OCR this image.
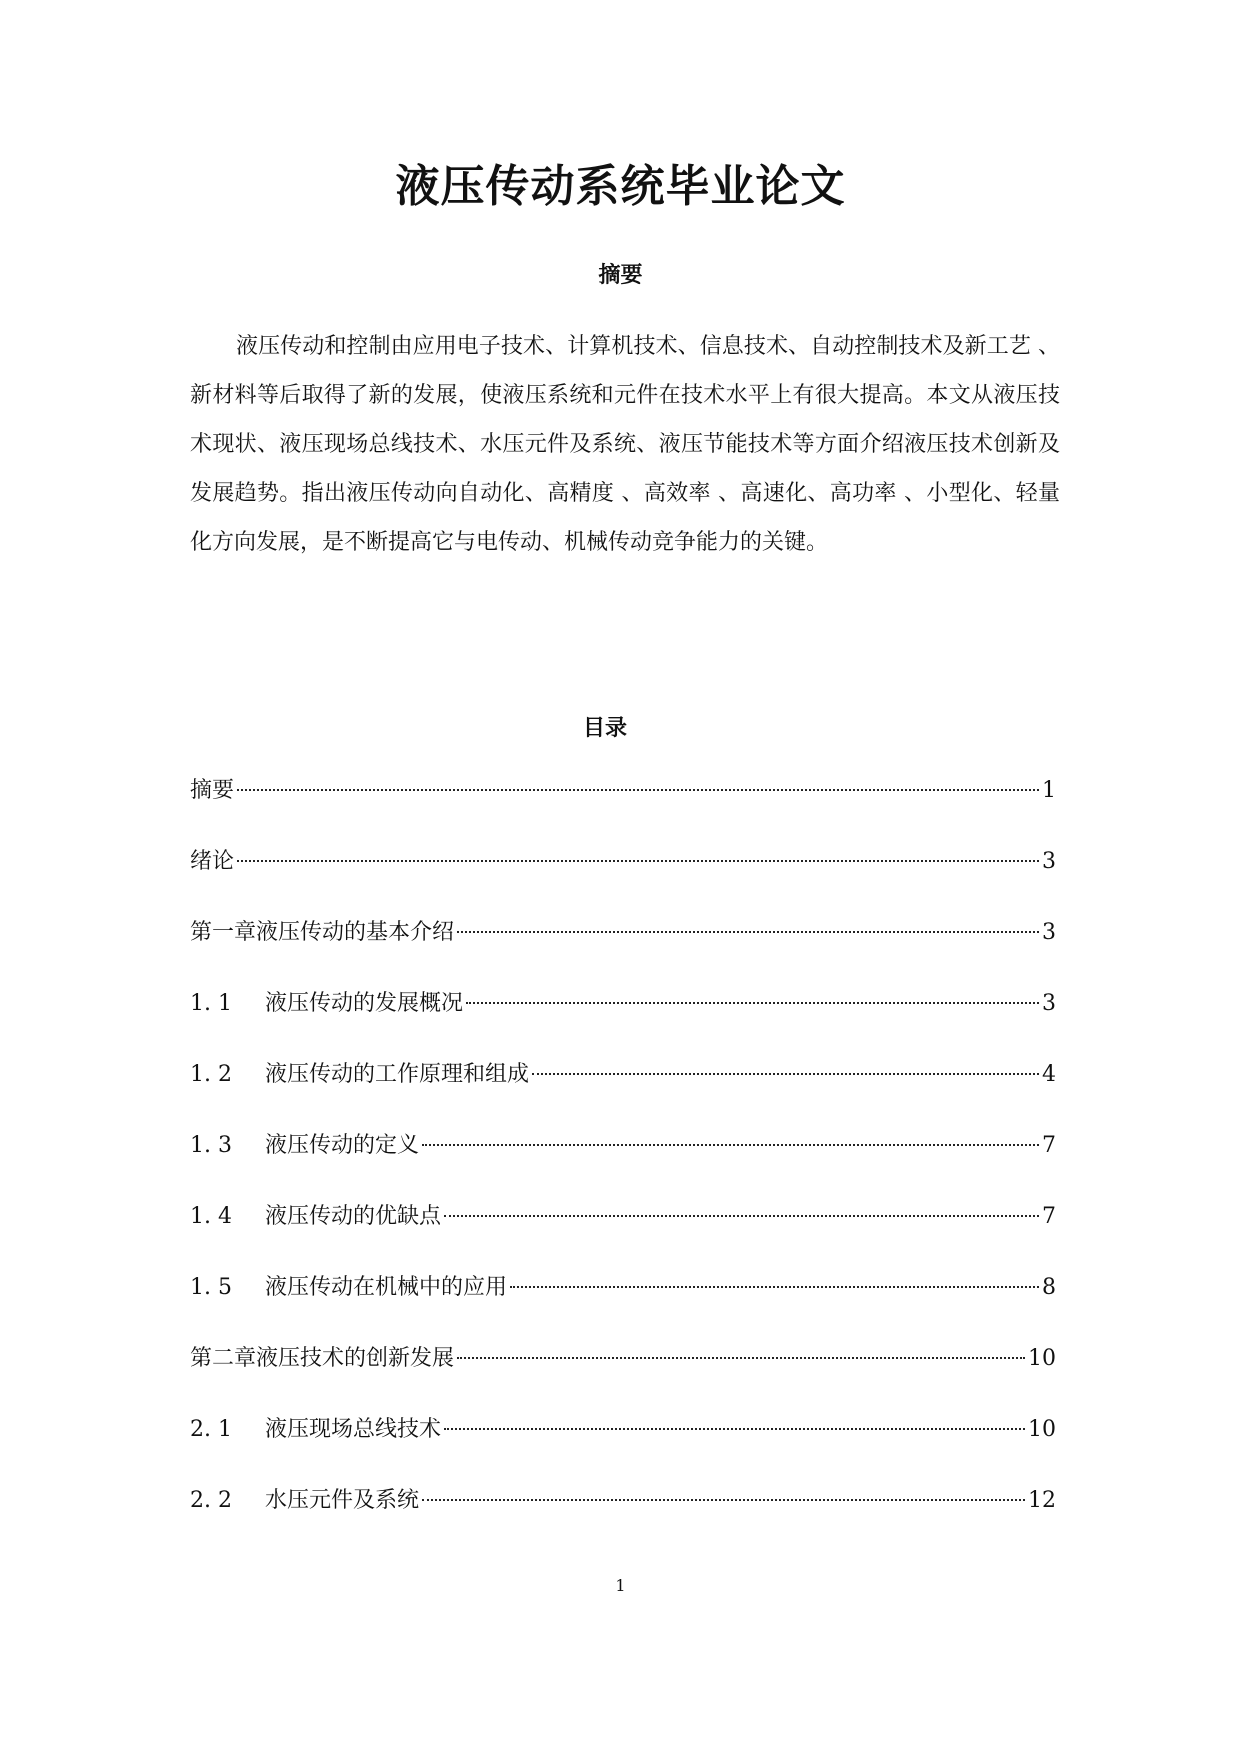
液压传动系统毕业论文
摘要

液压传动和控制由应用电子技术、计算机技术、信息技术、自动控制技术及新工艺 、新材料等后取得了新的发展，使液压系统和元件在技术水平上有很大提高。本文从液压技术现状、液压现场总线技术、水压元件及系统、液压节能技术等方面介绍液压技术创新及发展趋势。指出液压传动向自动化、高精度 、高效率 、高速化、高功率 、小型化、轻量化方向发展，是不断提高它与电传动、机械传动竞争能力的关键。

目录
摘要	1
绪论	3
第一章液压传动的基本介绍	3
1. 1	液压传动的发展概况	3
1. 2	液压传动的工作原理和组成	4
1. 3	液压传动的定义	7
1. 4	液压传动的优缺点	7
1. 5	液压传动在机械中的应用	8
第二章液压技术的创新发展	10
2. 1	液压现场总线技术	10
2. 2	水压元件及系统	12

1
